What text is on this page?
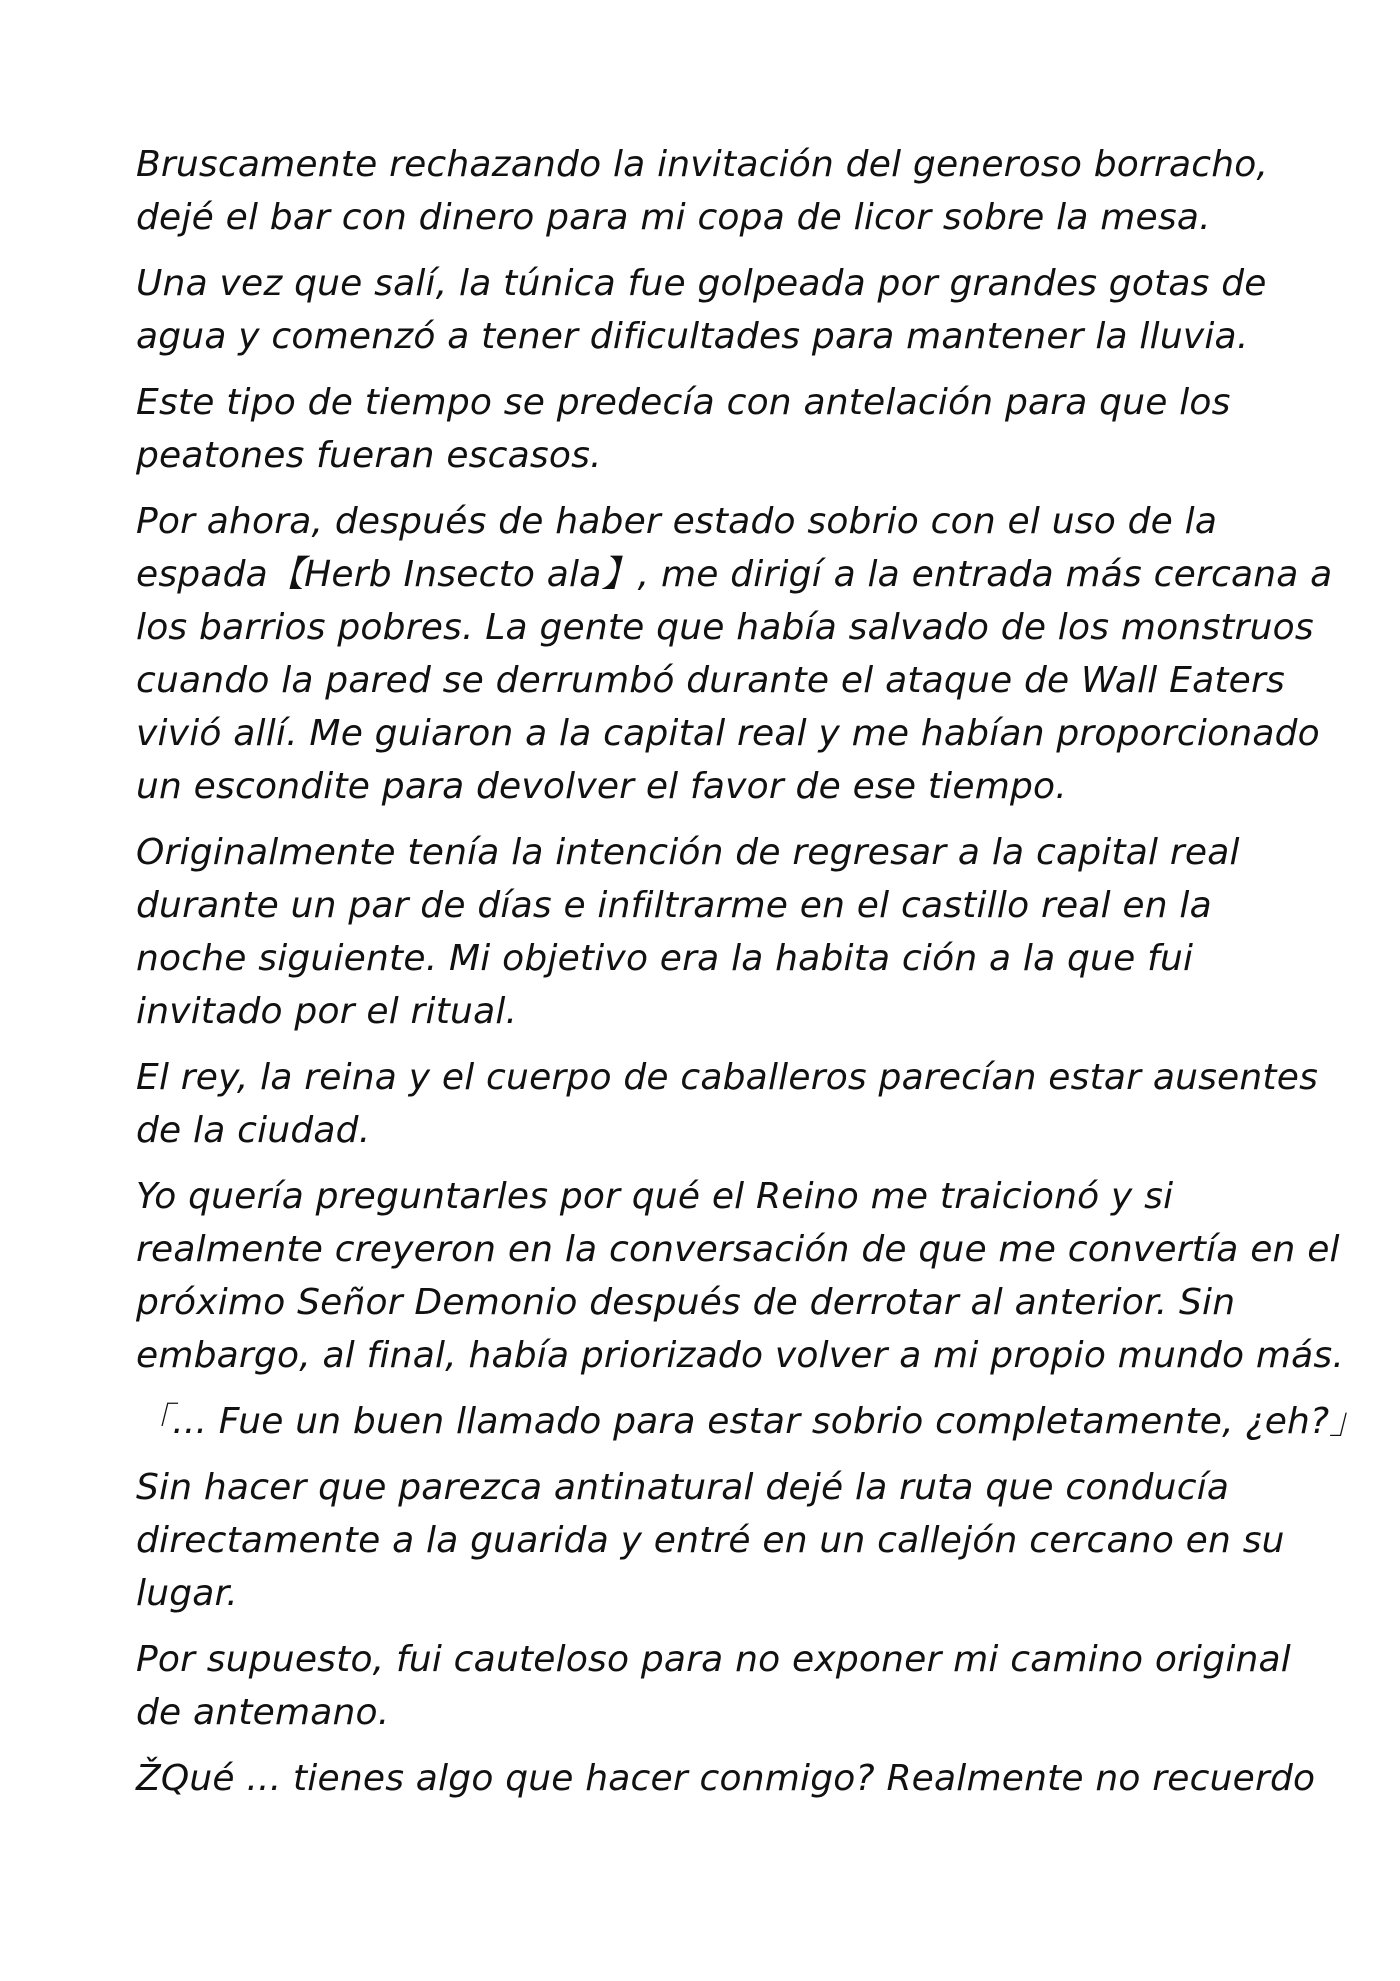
Bruscamente rechazando la invitación del generoso borracho,
dejé el bar con dinero para mi copa de licor sobre la mesa.

Una vez que salí, la túnica fue golpeada por grandes gotas de
agua y comenzó a tener dificultades para mantener la lluvia.

Este tipo de tiempo se predecía con antelación para que los
peatones fueran escasos.

Por ahora, después de haber estado sobrio con el uso de la
espada【Herb Insecto ala】, me dirigí a la entrada más cercana a
los barrios pobres. La gente que había salvado de los monstruos
cuando la pared se derrumbó durante el ataque de Wall Eaters
vivió allí. Me guiaron a la capital real y me habían proporcionado
un escondite para devolver el favor de ese tiempo.

Originalmente tenía la intención de regresar a la capital real
durante un par de días e infiltrarme en el castillo real en la
noche siguiente. Mi objetivo era la habita ción a la que fui
invitado por el ritual.

El rey, la reina y el cuerpo de caballeros parecían estar ausentes
de la ciudad.

Yo quería preguntarles por qué el Reino me traicionó y si
realmente creyeron en la conversación de que me convertía en el
próximo Señor Demonio después de derrotar al anterior. Sin
embargo, al final, había priorizado volver a mi propio mundo más.

「... Fue un buen llamado para estar sobrio completamente, ¿eh?」

Sin hacer que parezca antinatural dejé la ruta que conducía
directamente a la guarida y entré en un callejón cercano en su
lugar.

Por supuesto, fui cauteloso para no exponer mi camino original
de antemano.

ŽQué ... tienes algo que hacer conmigo? Realmente no recuerdo
